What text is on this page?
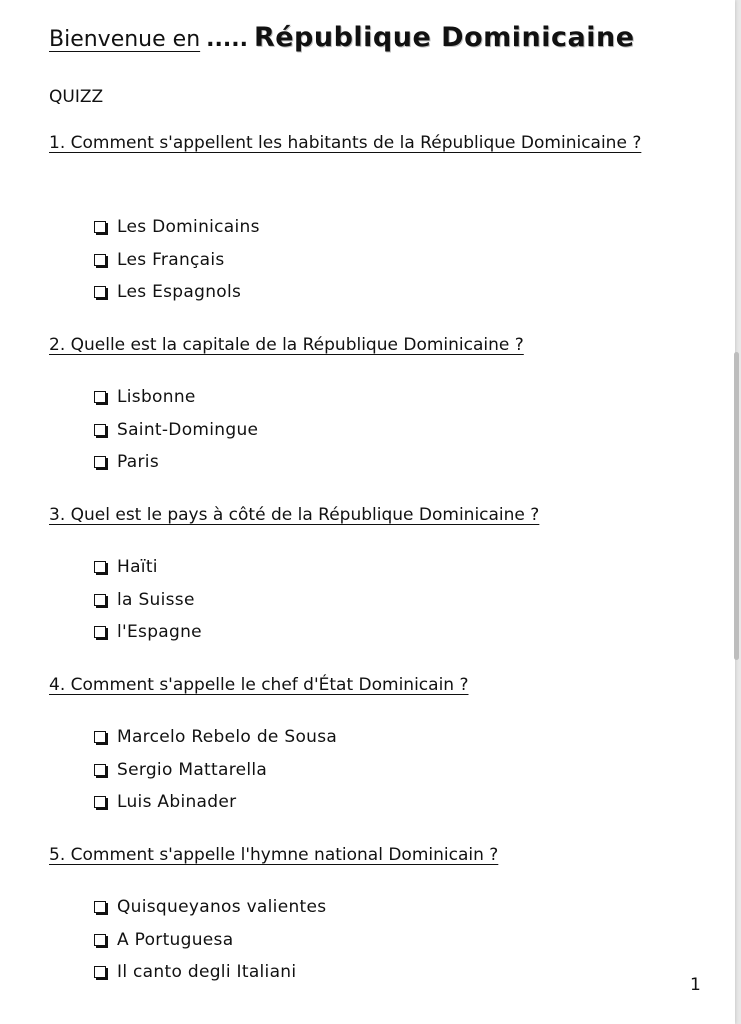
Bienvenue en ..... République Dominicaine
QUIZZ
1. Comment s'appellent les habitants de la République Dominicaine ?
Les Dominicains
Les Français
Les Espagnols
2. Quelle est la capitale de la République Dominicaine ?
Lisbonne
Saint-Domingue
Paris
3. Quel est le pays à côté de la République Dominicaine ?
Haïti
la Suisse
l'Espagne
4. Comment s'appelle le chef d'État Dominicain ?
Marcelo Rebelo de Sousa
Sergio Mattarella
Luis Abinader
5. Comment s'appelle l'hymne national Dominicain ?
Quisqueyanos valientes
A Portuguesa
Il canto degli Italiani
1
